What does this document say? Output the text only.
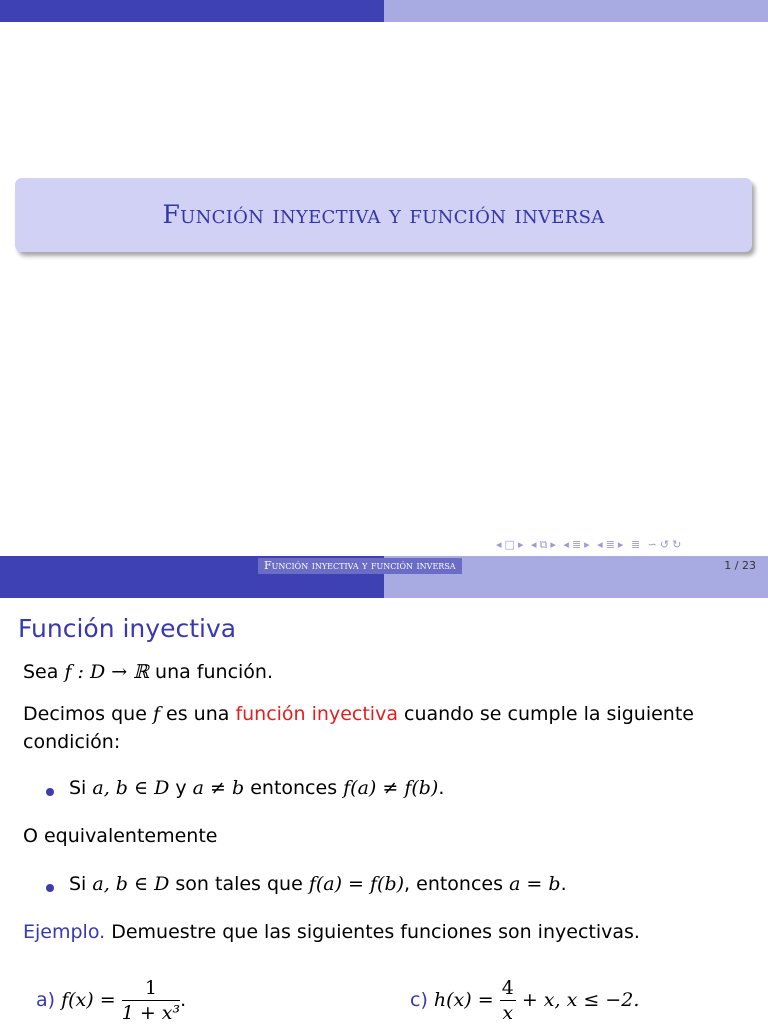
Función inyectiva y función inversa
◂ □ ▸ ◂ ⧉ ▸ ◂ ≣ ▸ ◂ ≣ ▸ ≣ ∽ ↺ ↻
Función inyectiva y función inversa	1 / 23
Función inyectiva
Sea f : D → ℝ una función.
Decimos que f es una función inyectiva cuando se cumple la siguiente
condición:
Si a, b ∈ D y a ≠ b entonces f(a) ≠ f(b).
O equivalentemente
Si a, b ∈ D son tales que f(a) = f(b), entonces a = b.
Ejemplo. Demuestre que las siguientes funciones son inyectivas.
a) $f(x) = \frac{1}{\text{1 + x³}}$ .	c) $h(x) = \frac{4}{x} + x$, x ≤ −2.
